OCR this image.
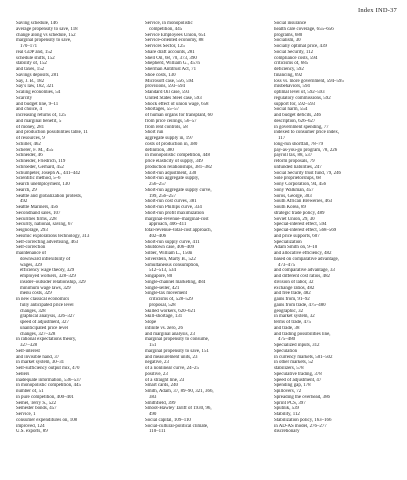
Index IND-37
Saving schedule, 146
average propensity to save, 118
change along vs schedule, 152
marginal propensity to save,
170–171
real GDP and, 152
schedule shifts, 152
stability of, 152
and taxes, 152
Savings deposits, 281
Say, J. B., 182
Say's law, 182, 321
Scaling economies, 54
Scarcity
and budget line, 9–11
and choice, 4
increasing returns of, 125
and marginal benefit, 5
of money, 281
and production possibilities table, 11
of resources, 9
Schiller, 462
Scherer, F. M., 455
Schneider, 46
Schneider, Friedrich, 119
Schroeder, Gerhard, 452
Schumpeter, Joseph A., 441–442
Scientific method, 5–6
Search unemployment, 130
Search, 29
Seattle and globalization protests,
492
Seattle Mariners, 456
Secondhand sales, 107
Securities firms, 228
Security, national, saving, 67
Seignorage, 293
Seismic explorations technology, 313
Self-correcting advertising, 463
Self-correction
maintenance of
downward inflexibility of
wages, 329
efficiency wage theory, 329
employed workers, 328–329
insider–outsider relationship, 329
minimum wage laws, 329
menu costs, 329
in new classical economics
fully anticipated price level
changes, 328
graphical analysis, 326–327
speed of adjustment, 327
unanticipated price level
changes, 327–328
in rational expectations theory,
327–328
Self-interest
and invisible hand, 37
in market system, 30–31
Self-sufficiency output mix, 470
Sellers
inadequate information, 536–537
in monopolistic competition, 445
number of, 51
in pure competition, 400–401
Semel, Terry S., 522
Semester bonds, 457
Service, 1
consumer expenditures on, 108
improved, 124
U.S. exports, 89
Service, in monopolistic
competition, 445
Service Employees Union, 651
Service-oriented economy, 88
Services Sector, 125
Share draft accounts, 281
Shell Oil, 68, 70, 373, 390
Shepherd, William G., 457n
Sherman Antitrust Act, 71
Shoe costs, 130
Microsoft case, 556, 594
provisions, 593–594
Standard Oil case, 593
United States Steel case, 593
Shock effect of union wage, 658
Shortages, 55–57
of human organs for transplant, 60
from price ceilings, 56–57
from rent controls, 58
Short run
aggregate supply in, 197
costs of production in, 380
definition, 380
in monopolistic competition, 448
price elasticity of supply, 349
production relationships, 381–382
Short-run adjustment, 330
Short-run aggregate supply,
256–257
Short-run aggregate supply curve,
199, 256–257
Short-run cost curves, 381
Short-run Phillips curve, 334
Short-run profit maximization
marginal-revenue–marginal-cost
approach, 406–411
total-revenue–total-cost approach,
402–406
Short-run supply curve, 411
Shutdown case, 406–409
Silber, William L., 150n
Silverstein, Marty B., 522
Simultaneous consumption,
512–513, 534
Singapore, 80
Single-channel marketing, 484
Single-seller, 421
Single-tax movement
criticisms of, 528–529
proposal, 528
Skilled workers, 620–621
Skill-shortage, 131
Slope
infinite vs. zero, 26
and marginal analysis, 23
marginal propensity to consume,
151
marginal propensity to save, 151
and measurement units, 23
negative, 23
of a nonlinear curve, 24–25
positive, 23
of a straight line, 23
Smart cards, 240
Smith, Adam, 37, 89–90, 321, 366,
383
Smithfield, 399
Smoot-Hawley Tariff of 1930, 96,
490
Social capital, 109–110
Social-cultural-political climate,
110–111
Social insurance
health care coverage, 655–656
programs, 680
Socialism, 30
Socially optimal price, 439
Social Security, 112
compliance costs, 594
criticisms of, 685
deficiency, 592
financing, 692
loss vs. more government, 594–595
misbehaviors, 594
optimal level of, 592–593
regulatory commissions, 592
support for, 592–593
Social harm, 554
and budget deficits, 246
description, 626–627
in government spending, 77
indexed to consumer price index,
117
long-run shortfall, 78–79
pay-as-you-go program, 78, 226
payroll tax, 88, 537
reform proposals, 79
unfunded liabilities, 247
Social Security trust fund, 79, 246
Sole proprietorships, 68
Sony Corporation, 94, 456
Sony Walkman, 457
Soros, George, 303
South African Breweries, 463
South Korea, 89
strategic trade policy, 489
Soviet Union, 29, 30
Special-interest effect, 594
Special-interest effect, 568–569
and price supports, 607
Specialization
Adam Smith on, 9–10
and allocative efficiency, 482
based on comparative advantage,
473–475
and comparative advantage, 33
and different cost ratios, 482
division of labor, 32
exchange ratios, 482
and free trade, 482
gains from, 91–92
gains from trade, 475–480
geographic, 32
in market system, 32
terms of trade, 475
and trade, 38
and trading possibilities line,
475–480
Specialized inputs, 312
Speculation
in currency markets, 501–502
in other markets, 52
stabilizers, 578
Speculative trading, 378
Speed of adjustment, 47
Spending gap, 178
Spillovers, 72
Spreading the overhead, 386
Sprint PCS, 397
Sputnik, 539
Stability, 112
Stabilization policy, 163–166
in AD-AS model, 276–277
discretionary
